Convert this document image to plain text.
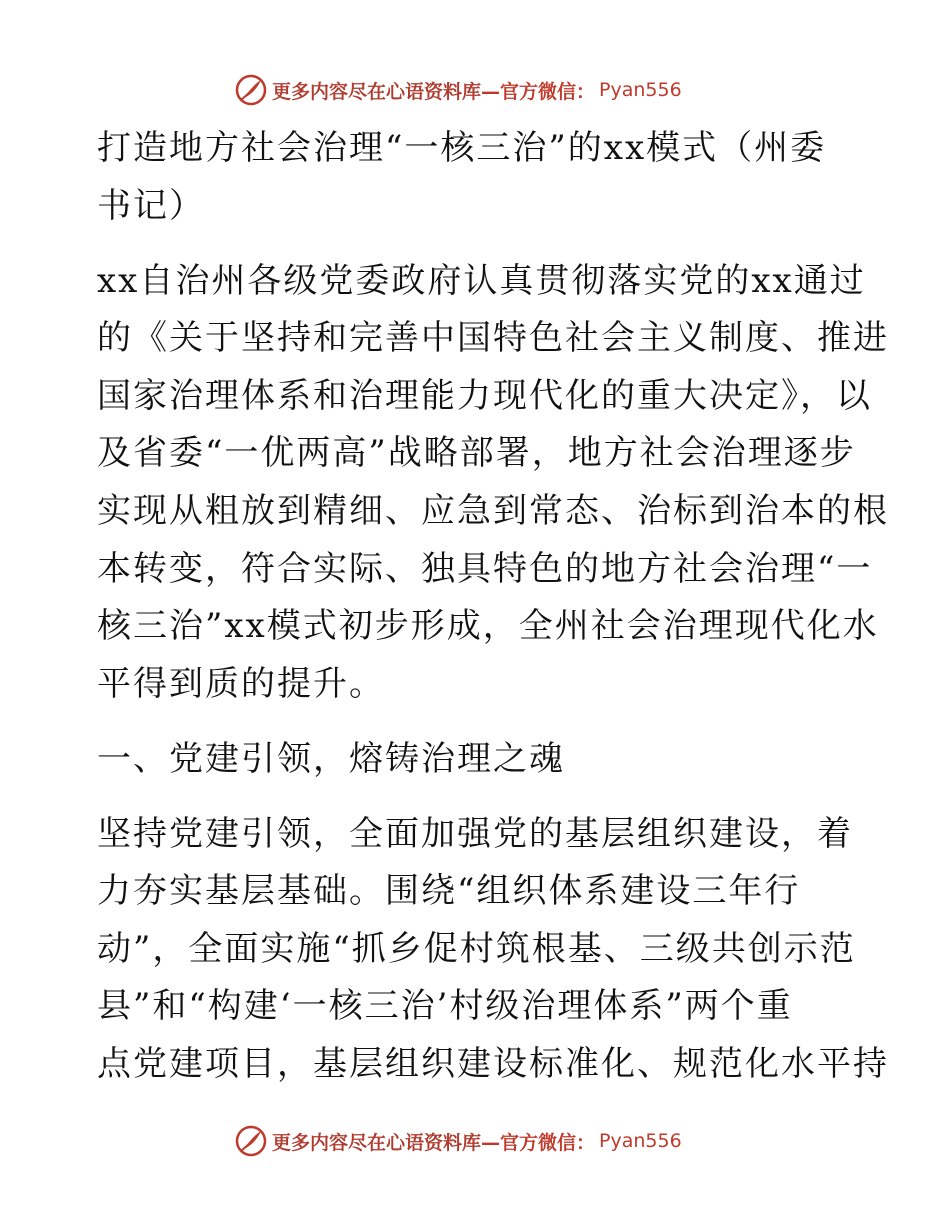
更多内容尽在心语资料库 —官方微信： Pyan556
打造地方社会治理“一核三治”的xx模式（州委
书记）
xx自治州各级党委政府认真贯彻落实党的xx通过
的《关于坚持和完善中国特色社会主义制度、推进
国家治理体系和治理能力现代化的重大决定》，以
及省委“一优两高”战略部署，地方社会治理逐步
实现从粗放到精细、应急到常态、治标到治本的根
本转变，符合实际、独具特色的地方社会治理“一
核三治”xx模式初步形成，全州社会治理现代化水
平得到质的提升。
一、党建引领，熔铸治理之魂
坚持党建引领，全面加强党的基层组织建设，着
力夯实基层基础。围绕“组织体系建设三年行
动”，全面实施“抓乡促村筑根基、三级共创示范
县”和“构建‘一核三治’村级治理体系”两个重
点党建项目，基层组织建设标准化、规范化水平持
更多内容尽在心语资料库 —官方微信： Pyan556
